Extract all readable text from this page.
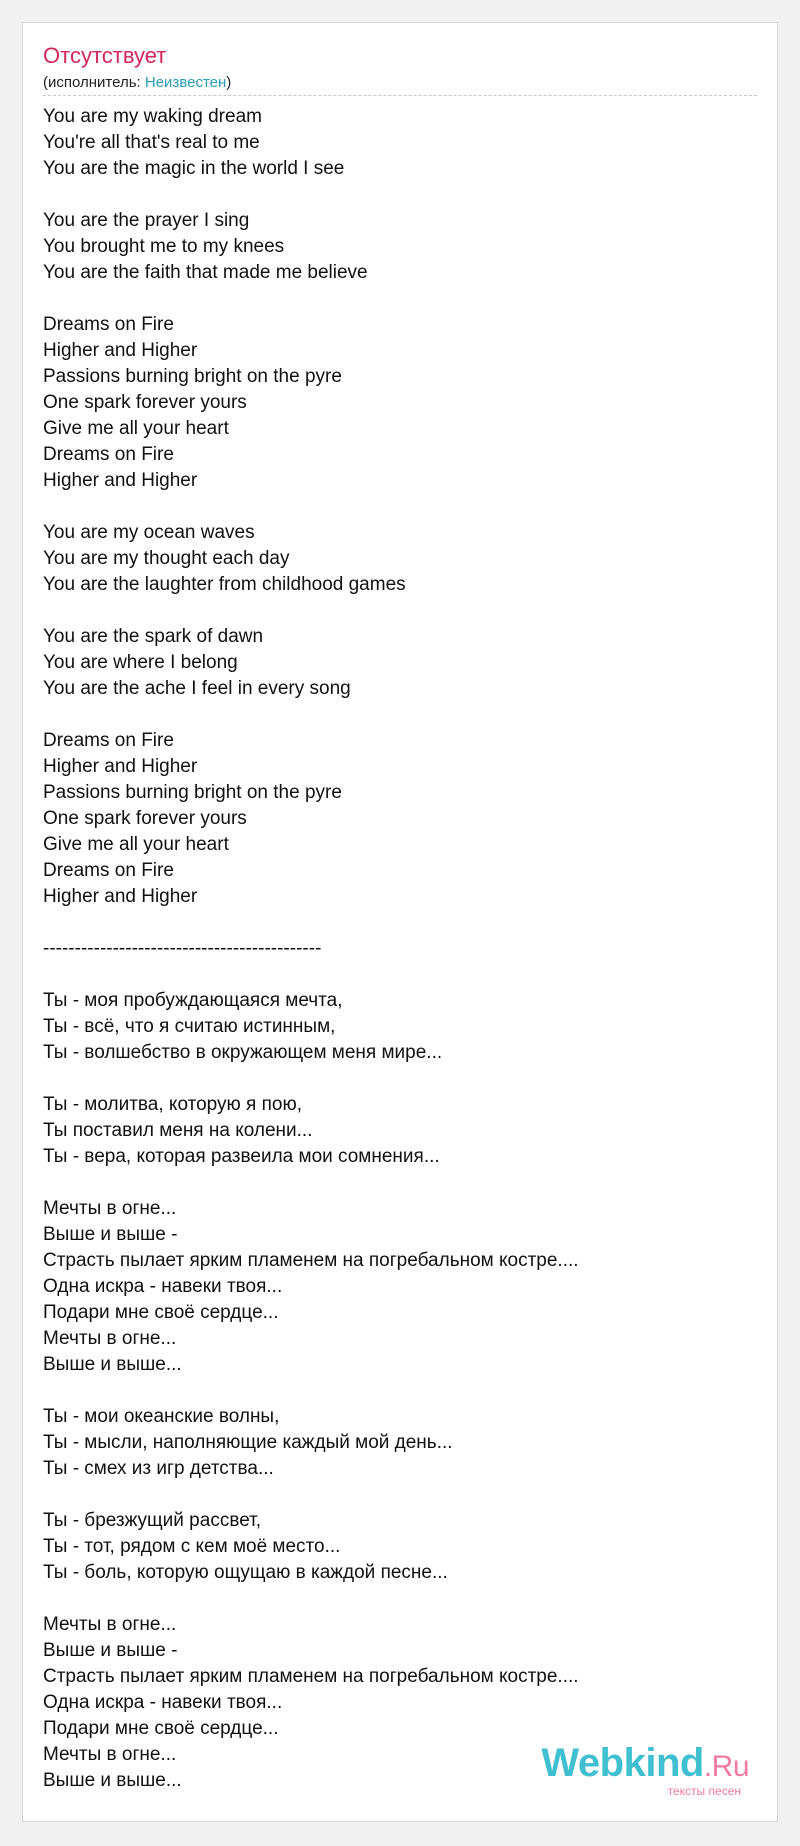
Отсутствует
(исполнитель: Неизвестен)
You are my waking dream
You're all that's real to me
You are the magic in the world I see
You are the prayer I sing
You brought me to my knees
You are the faith that made me believe
Dreams on Fire
Higher and Higher
Passions burning bright on the pyre
One spark forever yours
Give me all your heart
Dreams on Fire
Higher and Higher
You are my ocean waves
You are my thought each day
You are the laughter from childhood games
You are the spark of dawn
You are where I belong
You are the ache I feel in every song
Dreams on Fire
Higher and Higher
Passions burning bright on the pyre
One spark forever yours
Give me all your heart
Dreams on Fire
Higher and Higher
--------------------------------------------
Ты - моя пробуждающаяся мечта,
Ты - всё, что я считаю истинным,
Ты - волшебство в окружающем меня мире...
Ты - молитва, которую я пою,
Ты поставил меня на колени...
Ты - вера, которая развеила мои сомнения...
Мечты в огне...
Выше и выше -
Страсть пылает ярким пламенем на погребальном костре....
Одна искра - навеки твоя...
Подари мне своё сердце...
Мечты в огне...
Выше и выше...
Ты - мои океанские волны,
Ты - мысли, наполняющие каждый мой день...
Ты - смех из игр детства...
Ты - брезжущий рассвет,
Ты - тот, рядом с кем моё место...
Ты - боль, которую ощущаю в каждой песне...
Мечты в огне...
Выше и выше -
Страсть пылает ярким пламенем на погребальном костре....
Одна искра - навеки твоя...
Подари мне своё сердце...
Мечты в огне...
Выше и выше...	Webkind.Ru
тексты песен
